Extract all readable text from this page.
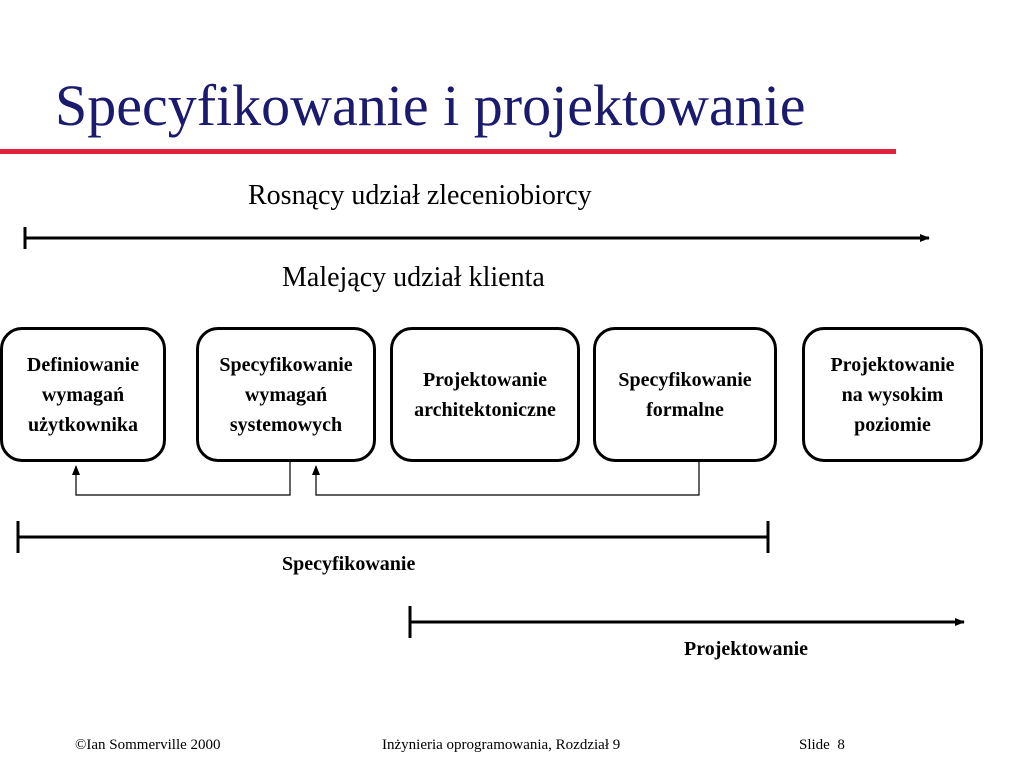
Specyfikowanie i projektowanie
Rosnący udział zleceniobiorcy
Malejący udział klienta
Definiowanie
wymagań
użytkownika
Specyfikowanie
wymagań
systemowych
Projektowanie
architektoniczne
Specyfikowanie
formalne
Projektowanie
na wysokim
poziomie
Specyfikowanie
Projektowanie
©Ian Sommerville 2000	Inżynieria oprogramowania, Rozdział 9	Slide 8
